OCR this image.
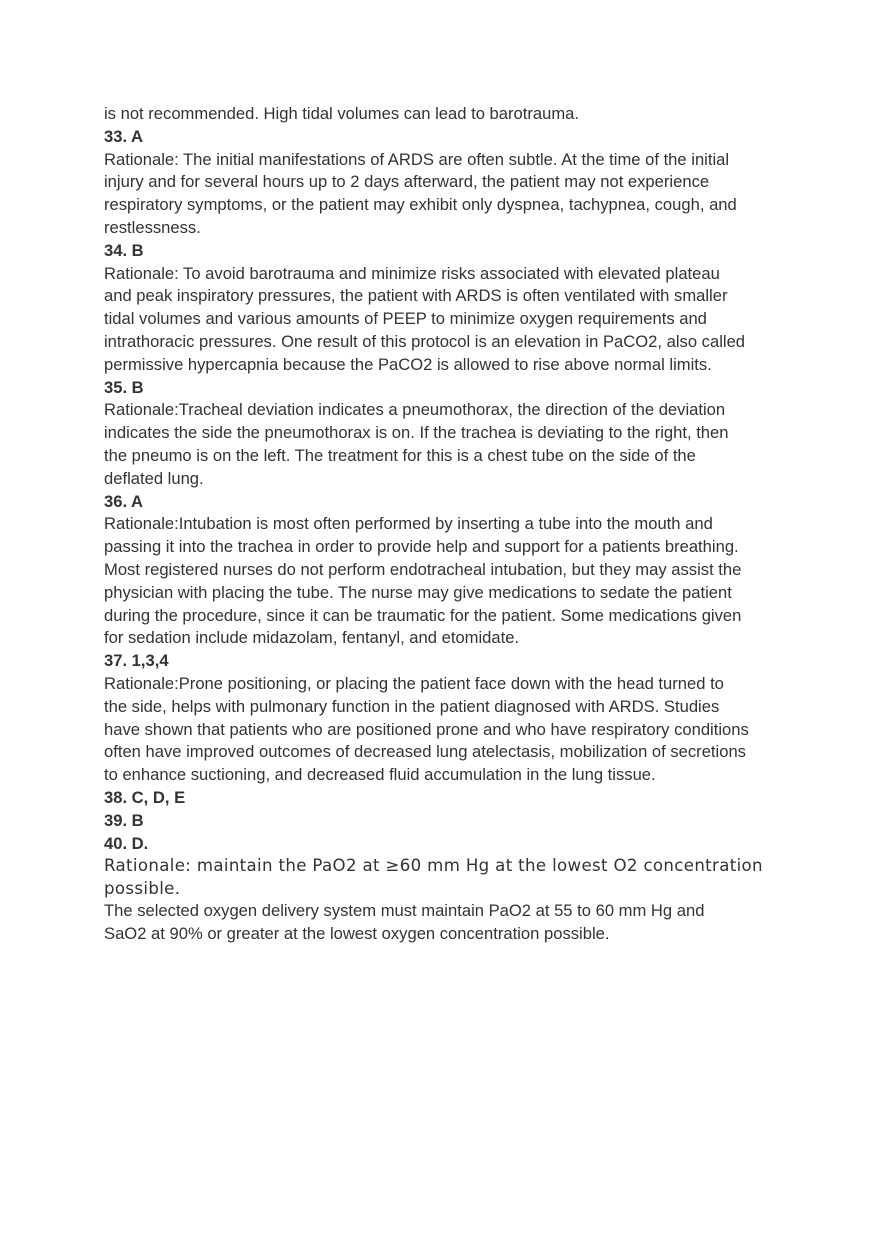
is not recommended. High tidal volumes can lead to barotrauma.
33. A
Rationale: The initial manifestations of ARDS are often subtle. At the time of the initial
injury and for several hours up to 2 days afterward, the patient may not experience
respiratory symptoms, or the patient may exhibit only dyspnea, tachypnea, cough, and
restlessness.
34. B
Rationale: To avoid barotrauma and minimize risks associated with elevated plateau
and peak inspiratory pressures, the patient with ARDS is often ventilated with smaller
tidal volumes and various amounts of PEEP to minimize oxygen requirements and
intrathoracic pressures. One result of this protocol is an elevation in PaCO2, also called
permissive hypercapnia because the PaCO2 is allowed to rise above normal limits.
35. B
Rationale:Tracheal deviation indicates a pneumothorax, the direction of the deviation
indicates the side the pneumothorax is on. If the trachea is deviating to the right, then
the pneumo is on the left. The treatment for this is a chest tube on the side of the
deflated lung.
36. A
Rationale:Intubation is most often performed by inserting a tube into the mouth and
passing it into the trachea in order to provide help and support for a patients breathing.
Most registered nurses do not perform endotracheal intubation, but they may assist the
physician with placing the tube. The nurse may give medications to sedate the patient
during the procedure, since it can be traumatic for the patient. Some medications given
for sedation include midazolam, fentanyl, and etomidate.
37. 1,3,4
Rationale:Prone positioning, or placing the patient face down with the head turned to
the side, helps with pulmonary function in the patient diagnosed with ARDS. Studies
have shown that patients who are positioned prone and who have respiratory conditions
often have improved outcomes of decreased lung atelectasis, mobilization of secretions
to enhance suctioning, and decreased fluid accumulation in the lung tissue.
38. C, D, E
39. B
40. D.
Rationale: maintain the PaO2 at ≥60 mm Hg at the lowest O2 concentration
possible.
The selected oxygen delivery system must maintain PaO2 at 55 to 60 mm Hg and
SaO2 at 90% or greater at the lowest oxygen concentration possible.
